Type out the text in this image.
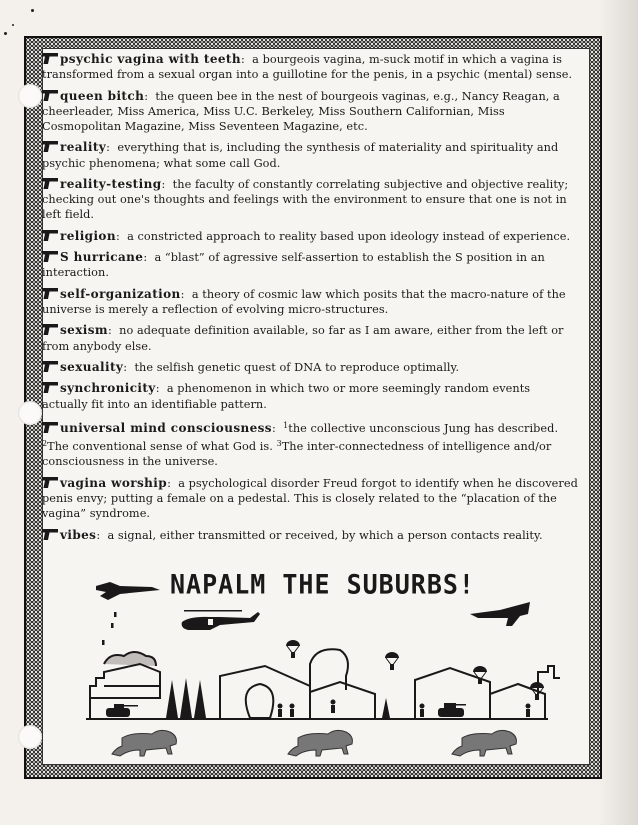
psychic vagina with teeth: a bourgeois vagina, m-suck motif in which a vagina is transformed from a sexual organ into a guillotine for the penis, in a psychic (mental) sense.
queen bitch: the queen bee in the nest of bourgeois vaginas, e.g., Nancy Reagan, a cheerleader, Miss America, Miss U.C. Berkeley, Miss Southern Californian, Miss Cosmopolitan Magazine, Miss Seventeen Magazine, etc.
reality: everything that is, including the synthesis of materiality and spirituality and psychic phenomena; what some call God.
reality-testing: the faculty of constantly correlating subjective and objective reality; checking out one's thoughts and feelings with the environment to ensure that one is not in left field.
religion: a constricted approach to reality based upon ideology instead of experience.
S hurricane: a “blast” of agressive self-assertion to establish the S position in an interaction.
self-organization: a theory of cosmic law which posits that the macro-nature of the universe is merely a reflection of evolving micro-structures.
sexism: no adequate definition available, so far as I am aware, either from the left or from anybody else.
sexuality: the selfish genetic quest of DNA to reproduce optimally.
synchronicity: a phenomenon in which two or more seemingly random events actually fit into an identifiable pattern.
universal mind consciousness: $^1$the collective unconscious Jung has described. $^2$The conventional sense of what God is. $^3$The inter-connectedness of intelligence and/or consciousness in the universe.
vagina worship: a psychological disorder Freud forgot to identify when he discovered penis envy; putting a female on a pedestal. This is closely related to the “placation of the vagina” syndrome.
vibes: a signal, either transmitted or received, by which a person contacts reality.
NAPALM THE SUBURBS!
